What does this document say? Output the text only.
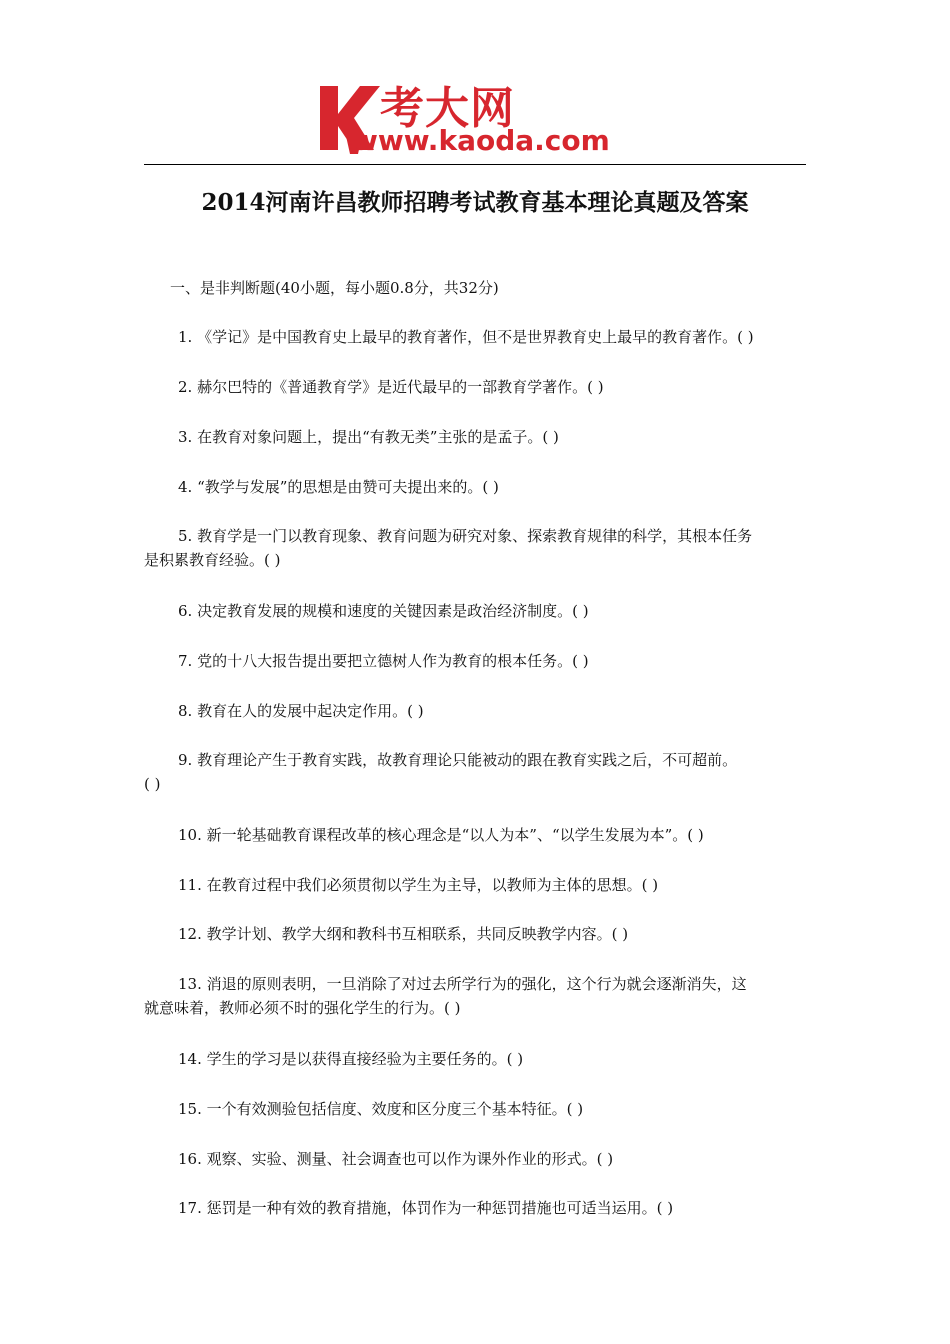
考大网
www.kaoda.com
2014河南许昌教师招聘考试教育基本理论真题及答案
一、是非判断题(40小题，每小题0.8分，共32分)
1. 《学记》是中国教育史上最早的教育著作，但不是世界教育史上最早的教育著作。( )
2. 赫尔巴特的《普通教育学》是近代最早的一部教育学著作。( )
3. 在教育对象问题上，提出“有教无类”主张的是孟子。( )
4. “教学与发展”的思想是由赞可夫提出来的。( )
5. 教育学是一门以教育现象、教育问题为研究对象、探索教育规律的科学，其根本任务
是积累教育经验。( )
6. 决定教育发展的规模和速度的关键因素是政治经济制度。( )
7. 党的十八大报告提出要把立德树人作为教育的根本任务。( )
8. 教育在人的发展中起决定作用。( )
9. 教育理论产生于教育实践，故教育理论只能被动的跟在教育实践之后，不可超前。
( )
10. 新一轮基础教育课程改革的核心理念是“以人为本”、“以学生发展为本”。( )
11. 在教育过程中我们必须贯彻以学生为主导，以教师为主体的思想。( )
12. 教学计划、教学大纲和教科书互相联系，共同反映教学内容。( )
13. 消退的原则表明，一旦消除了对过去所学行为的强化，这个行为就会逐渐消失，这
就意味着，教师必须不时的强化学生的行为。( )
14. 学生的学习是以获得直接经验为主要任务的。( )
15. 一个有效测验包括信度、效度和区分度三个基本特征。( )
16. 观察、实验、测量、社会调查也可以作为课外作业的形式。( )
17. 惩罚是一种有效的教育措施，体罚作为一种惩罚措施也可适当运用。( )
